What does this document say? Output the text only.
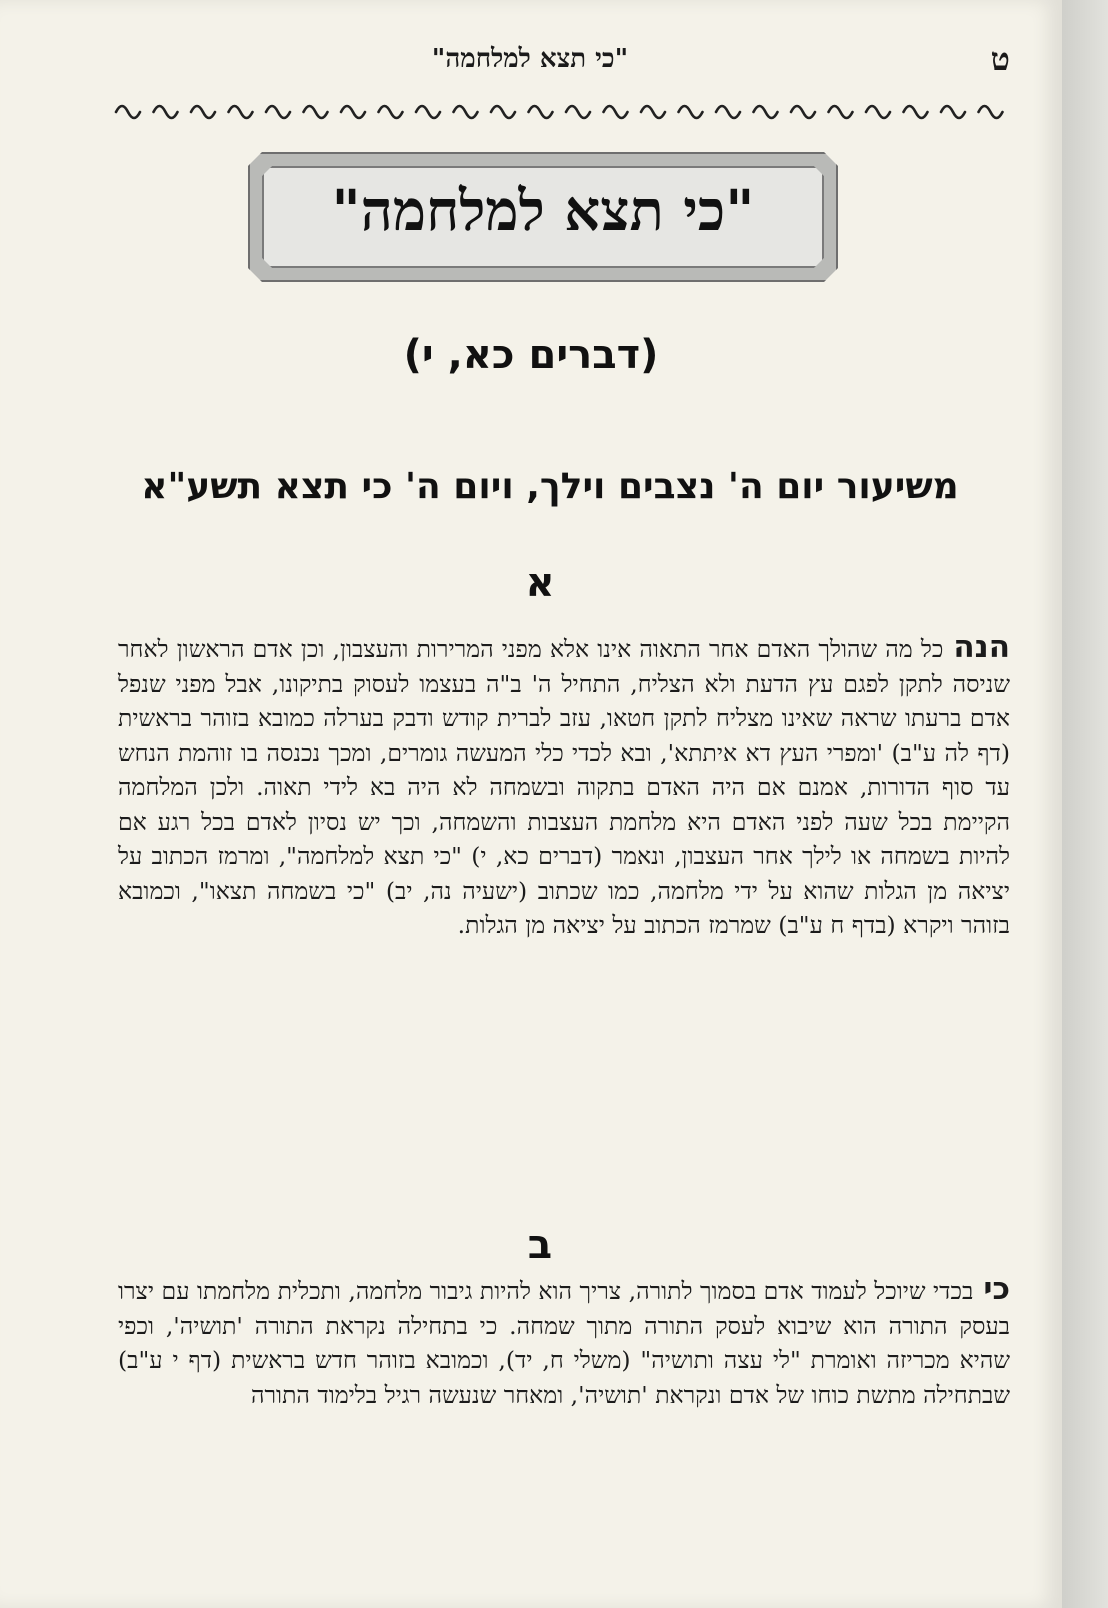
"כי תצא למלחמה"	ט
"כי תצא למלחמה"
(דברים כא, י)
משיעור יום ה' נצבים וילך, ויום ה' כי תצא תשע"א
א
הנהכל מה שהולך האדם אחר התאוה אינו אלא מפני המרירות והעצבון, וכן אדם הראשון לאחר שניסה לתקן לפגם עץ הדעת ולא הצליח, התחיל ה' ב"ה בעצמו לעסוק בתיקונו, אבל מפני שנפל אדם ברעתו שראה שאינו מצליח לתקן חטאו, עזב לברית קודש ודבק בערלה כמובא בזוהר בראשית (דף לה ע"ב) 'ומפרי העץ דא איתתא', ובא לכדי כלי המעשה גומרים, ומכך נכנסה בו זוהמת הנחש עד סוף הדורות, אמנם אם היה האדם בתקוה ובשמחה לא היה בא לידי תאוה. ולכן המלחמה הקיימת בכל שעה לפני האדם היא מלחמת העצבות והשמחה, וכך יש נסיון לאדם בכל רגע אם להיות בשמחה או לילך אחר העצבון, ונאמר (דברים כא, י) "כי תצא למלחמה", ומרמז הכתוב על יציאה מן הגלות שהוא על ידי מלחמה, כמו שכתוב (ישעיה נה, יב) "כי בשמחה תצאו", וכמובא בזוהר ויקרא (בדף ח ע"ב) שמרמז הכתוב על יציאה מן הגלות.
ב
כיבכדי שיוכל לעמוד אדם בסמוך לתורה, צריך הוא להיות גיבור מלחמה, ותכלית מלחמתו עם יצרו בעסק התורה הוא שיבוא לעסק התורה מתוך שמחה. כי בתחילה נקראת התורה 'תושיה', וכפי שהיא מכריזה ואומרת "לי עצה ותושיה" (משלי ח, יד), וכמובא בזוהר חדש בראשית (דף י ע"ב) שבתחילה מתשת כוחו של אדם ונקראת 'תושיה', ומאחר שנעשה רגיל בלימוד התורה
